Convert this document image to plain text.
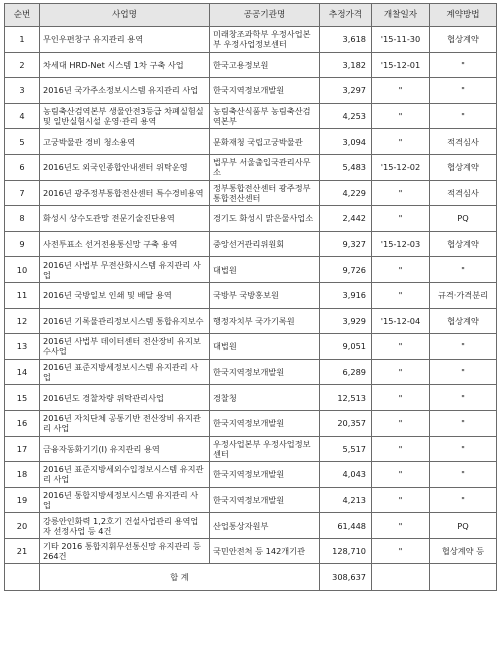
순번	사업명	공공기관명	추정가격	개찰일자	계약방법
1	무인우편창구 유지관리 용역	미래창조과학부 우정사업본부 우정사업정보센터	3,618	'15-11-30	협상계약
2	차세대 HRD-Net 시스템 1차 구축 사업	한국고용정보원	3,182	'15-12-01	"
3	2016년 국가주소정보시스템 유지관리 사업	한국지역정보개발원	3,297	"	"
4	농림축산검역본부 생물안전3등급 차폐실험실 및 일반실험시설 운영·관리 용역	농림축산식품부 농림축산검역본부	4,253	"	"
5	고궁박물관 경비 청소용역	문화재청 국립고궁박물관	3,094	"	적격심사
6	2016년도 외국인종합안내센터 위탁운영	법무부 서울출입국관리사무소	5,483	'15-12-02	협상계약
7	2016년 광주정부통합전산센터 특수경비용역	정부통합전산센터 광주정부통합전산센터	4,229	"	적격심사
8	화성시 상수도관망 전문기술진단용역	경기도 화성시 맑은물사업소	2,442	"	PQ
9	사전투표소 선거전용통신망 구축 용역	중앙선거관리위원회	9,327	'15-12-03	협상계약
10	2016년 사법부 무전산화시스템 유지관리 사업	대법원	9,726	"	"
11	2016년 국방일보 인쇄 및 배달 용역	국방부 국방홍보원	3,916	"	규격·가격분리
12	2016년 기록물관리정보시스템 통합유지보수	행정자치부 국가기록원	3,929	'15-12-04	협상계약
13	2016년 사법부 데이터센터 전산장비 유지보수사업	대법원	9,051	"	"
14	2016년 표준지방세정보시스템 유지관리 사업	한국지역정보개발원	6,289	"	"
15	2016년도 경찰차량 위탁관리사업	경찰청	12,513	"	"
16	2016년 자치단체 공통기반 전산장비 유지관리 사업	한국지역정보개발원	20,357	"	"
17	금융자동화기기(Ⅰ) 유지관리 용역	우정사업본부 우정사업정보센터	5,517	"	"
18	2016년 표준지방세외수입정보시스템 유지관리 사업	한국지역정보개발원	4,043	"	"
19	2016년 통합지방세정보시스템 유지관리 사업	한국지역정보개발원	4,213	"	"
20	강릉안인화력 1,2호기 건설사업관리 용역업자 선정사업 등 4건	산업통상자원부	61,448	"	PQ
21	기타 2016 통합지휘무선통신망 유지관리 등 264건	국민안전처 등 142개기관	128,710	"	협상계약 등
	합 계		308,637		
